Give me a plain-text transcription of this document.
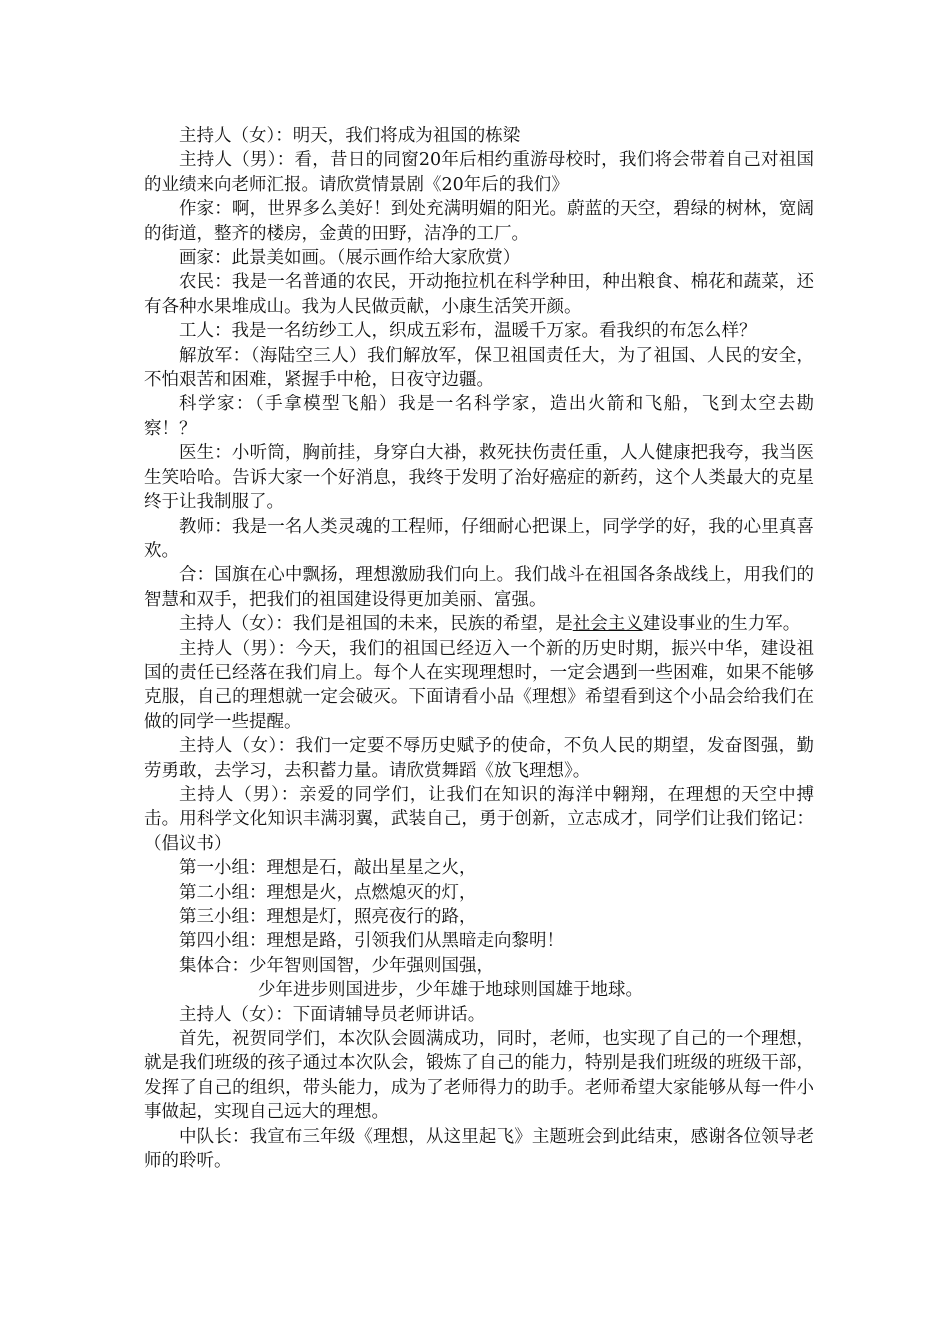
主持人（女）：明天，我们将成为祖国的栋梁

主持人（男）：看，昔日的同窗20年后相约重游母校时，我们将会带着自己对祖国的业绩来向老师汇报。请欣赏情景剧《20年后的我们》

作家：啊，世界多么美好！到处充满明媚的阳光。蔚蓝的天空，碧绿的树林，宽阔的街道，整齐的楼房，金黄的田野，洁净的工厂。

画家：此景美如画。（展示画作给大家欣赏）

农民：我是一名普通的农民，开动拖拉机在科学种田，种出粮食、棉花和蔬菜，还有各种水果堆成山。我为人民做贡献，小康生活笑开颜。

工人：我是一名纺纱工人，织成五彩布，温暖千万家。看我织的布怎么样？

解放军：（海陆空三人）我们解放军，保卫祖国责任大，为了祖国、人民的安全，不怕艰苦和困难，紧握手中枪，日夜守边疆。

科学家：（手拿模型飞船）我是一名科学家，造出火箭和飞船，飞到太空去勘察！？

医生：小听筒，胸前挂，身穿白大褂，救死扶伤责任重，人人健康把我夸，我当医生笑哈哈。告诉大家一个好消息，我终于发明了治好癌症的新药，这个人类最大的克星终于让我制服了。

教师：我是一名人类灵魂的工程师，仔细耐心把课上，同学学的好，我的心里真喜欢。

合：国旗在心中飘扬，理想激励我们向上。我们战斗在祖国各条战线上，用我们的智慧和双手，把我们的祖国建设得更加美丽、富强。

主持人（女）：我们是祖国的未来，民族的希望，是社会主义建设事业的生力军。

主持人（男）：今天，我们的祖国已经迈入一个新的历史时期，振兴中华，建设祖国的责任已经落在我们肩上。每个人在实现理想时，一定会遇到一些困难，如果不能够克服，自己的理想就一定会破灭。下面请看小品《理想》希望看到这个小品会给我们在做的同学一些提醒。

主持人（女）：我们一定要不辱历史赋予的使命，不负人民的期望，发奋图强，勤劳勇敢，去学习，去积蓄力量。请欣赏舞蹈《放飞理想》。

主持人（男）：亲爱的同学们，让我们在知识的海洋中翱翔，在理想的天空中搏击。用科学文化知识丰满羽翼，武装自己，勇于创新，立志成才，同学们让我们铭记：（倡议书）

第一小组：理想是石，敲出星星之火，

第二小组：理想是火，点燃熄灭的灯，

第三小组：理想是灯，照亮夜行的路，

第四小组：理想是路，引领我们从黑暗走向黎明！

集体合：少年智则国智，少年强则国强，

少年进步则国进步，少年雄于地球则国雄于地球。

主持人（女）：下面请辅导员老师讲话。

首先，祝贺同学们，本次队会圆满成功，同时，老师，也实现了自己的一个理想，就是我们班级的孩子通过本次队会，锻炼了自己的能力，特别是我们班级的班级干部，发挥了自己的组织，带头能力，成为了老师得力的助手。老师希望大家能够从每一件小事做起，实现自己远大的理想。

中队长：我宣布三年级《理想，从这里起飞》主题班会到此结束，感谢各位领导老师的聆听。
